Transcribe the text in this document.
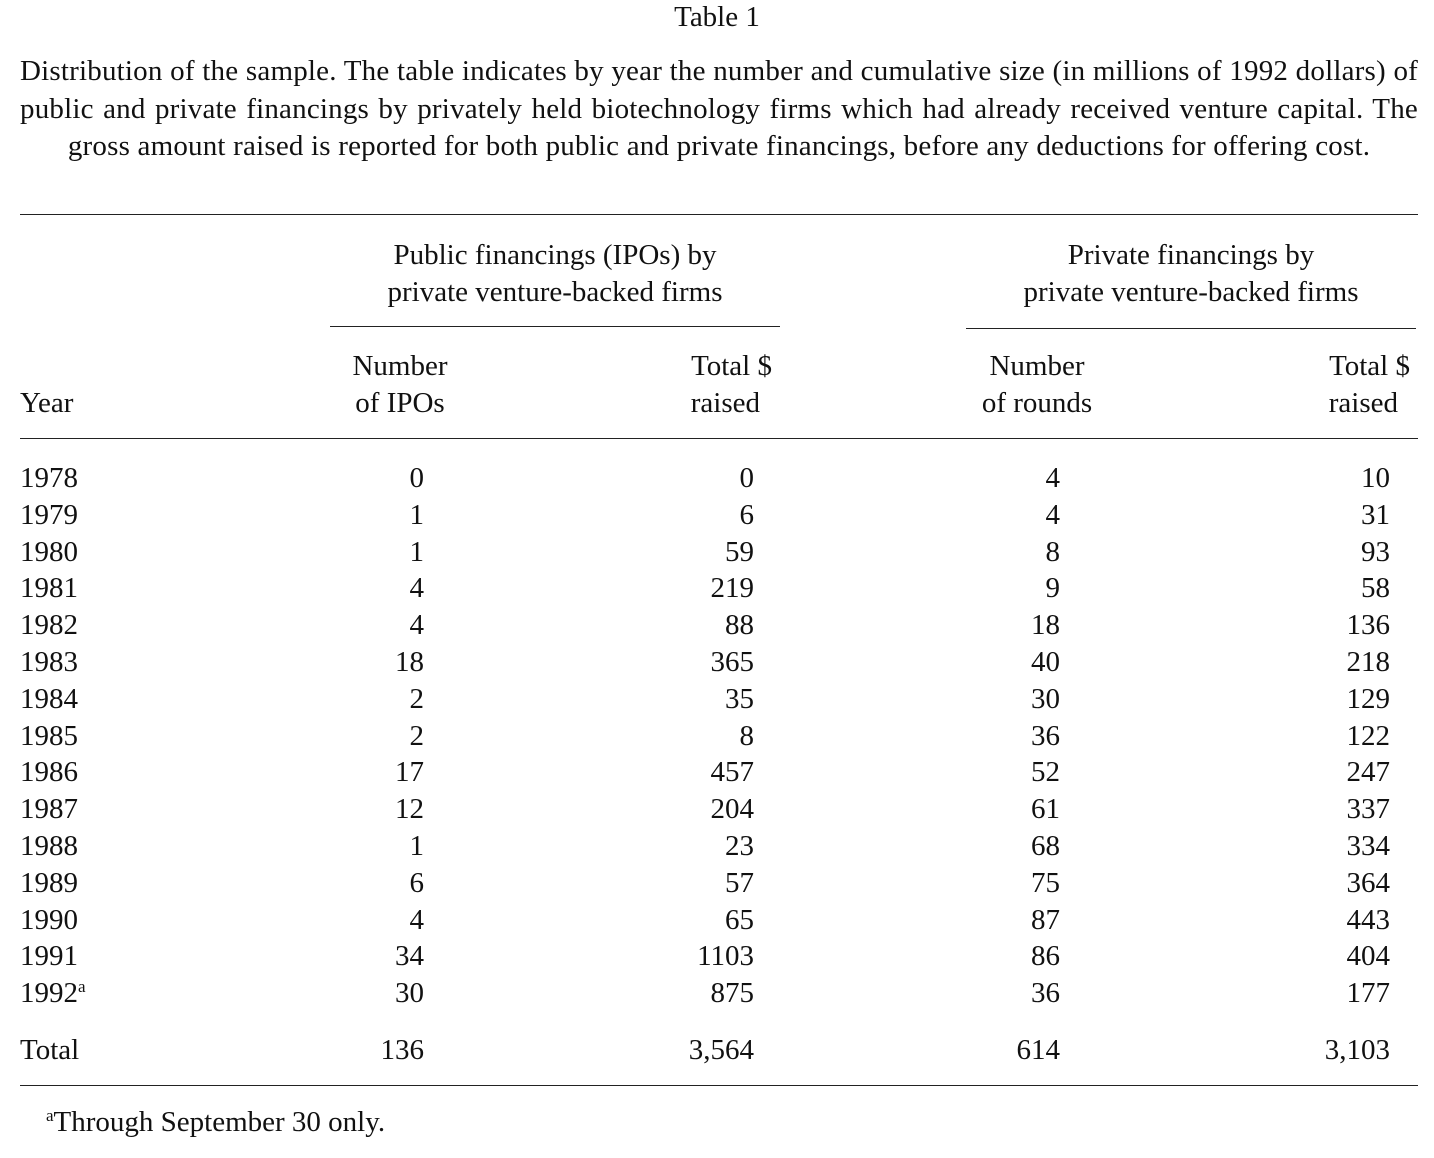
Table 1
Distribution of the sample. The table indicates by year the number and cumulative size (in millions of 1992 dollars) of public and private financings by privately held biotechnology firms which had already received venture capital. The gross amount raised is reported for both public and private financings, before any deductions for offering cost.
Public financings (IPOs) by
private venture-backed firms
Private financings by
private venture-backed firms
Year
Number
of IPOs
Total $
raised
Number
of rounds
Total $
raised
1978	0	0	4	10
1979	1	6	4	31
1980	1	59	8	93
1981	4	219	9	58
1982	4	88	18	136
1983	18	365	40	218
1984	2	35	30	129
1985	2	8	36	122
1986	17	457	52	247
1987	12	204	61	337
1988	1	23	68	334
1989	6	57	75	364
1990	4	65	87	443
1991	34	1103	86	404
1992$^a$	30	875	36	177
Total	136	3,564	614	3,103
$^a$Through September 30 only.
